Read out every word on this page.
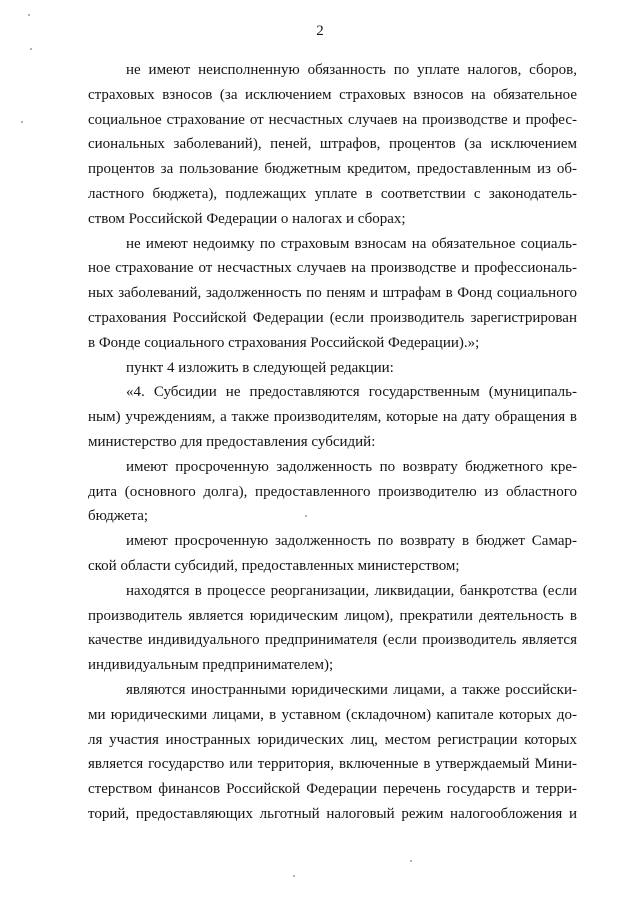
2
не имеют неисполненную обязанность по уплате налогов, сборов,
страховых взносов (за исключением страховых взносов на обязательное
социальное страхование от несчастных случаев на производстве и профес-
сиональных заболеваний), пеней, штрафов, процентов (за исключением
процентов за пользование бюджетным кредитом, предоставленным из об-
ластного бюджета), подлежащих уплате в соответствии с законодатель-
ством Российской Федерации о налогах и сборах;
не имеют недоимку по страховым взносам на обязательное социаль-
ное страхование от несчастных случаев на производстве и профессиональ-
ных заболеваний, задолженность по пеням и штрафам в Фонд социального
страхования Российской Федерации (если производитель зарегистрирован
в Фонде социального страхования Российской Федерации).»;
пункт 4 изложить в следующей редакции:
«4. Субсидии не предоставляются государственным (муниципаль-
ным) учреждениям, а также производителям, которые на дату обращения в
министерство для предоставления субсидий:
имеют просроченную задолженность по возврату бюджетного кре-
дита (основного долга), предоставленного производителю из областного
бюджета;
имеют просроченную задолженность по возврату в бюджет Самар-
ской области субсидий, предоставленных министерством;
находятся в процессе реорганизации, ликвидации, банкротства (если
производитель является юридическим лицом), прекратили деятельность в
качестве индивидуального предпринимателя (если производитель является
индивидуальным предпринимателем);
являются иностранными юридическими лицами, а также российски-
ми юридическими лицами, в уставном (складочном) капитале которых до-
ля участия иностранных юридических лиц, местом регистрации которых
является государство или территория, включенные в утверждаемый Мини-
стерством финансов Российской Федерации перечень государств и терри-
торий, предоставляющих льготный налоговый режим налогообложения и
